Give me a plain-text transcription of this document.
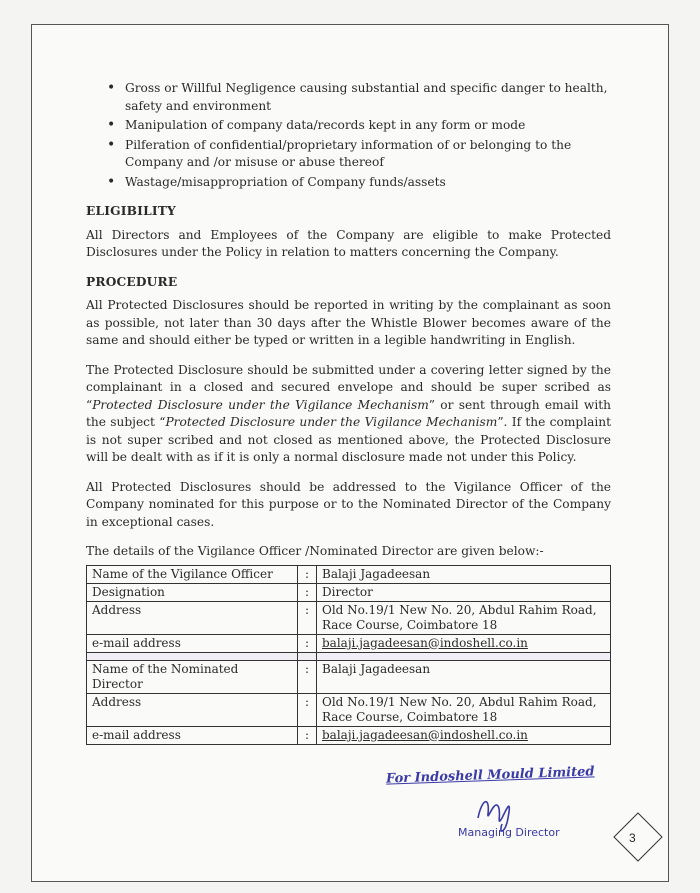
• Gross or Willful Negligence causing substantial and specific danger to health, safety and environment
• Manipulation of company data/records kept in any form or mode
• Pilferation of confidential/proprietary information of or belonging to the Company and /or misuse or abuse thereof
• Wastage/misappropriation of Company funds/assets
ELIGIBILITY

All Directors and Employees of the Company are eligible to make Protected Disclosures under the Policy in relation to matters concerning the Company.

PROCEDURE

All Protected Disclosures should be reported in writing by the complainant as soon as possible, not later than 30 days after the Whistle Blower becomes aware of the same and should either be typed or written in a legible handwriting in English.

The Protected Disclosure should be submitted under a covering letter signed by the complainant in a closed and secured envelope and should be super scribed as “Protected Disclosure under the Vigilance Mechanism” or sent through email with the subject “Protected Disclosure under the Vigilance Mechanism”. If the complaint is not super scribed and not closed as mentioned above, the Protected Disclosure will be dealt with as if it is only a normal disclosure made not under this Policy.

All Protected Disclosures should be addressed to the Vigilance Officer of the Company nominated for this purpose or to the Nominated Director of the Company in exceptional cases.

The details of the Vigilance Officer /Nominated Director are given below:-

Name of the Vigilance Officer	:	Balaji Jagadeesan
Designation	:	Director
Address	:	Old No.19/1 New No. 20, Abdul Rahim Road, Race Course, Coimbatore 18
e-mail address	:	balaji.jagadeesan@indoshell.co.in

Name of the Nominated Director	:	Balaji Jagadeesan
Address	:	Old No.19/1 New No. 20, Abdul Rahim Road, Race Course, Coimbatore 18
e-mail address	:	balaji.jagadeesan@indoshell.co.in
For Indoshell Mould Limited
Managing Director	3
